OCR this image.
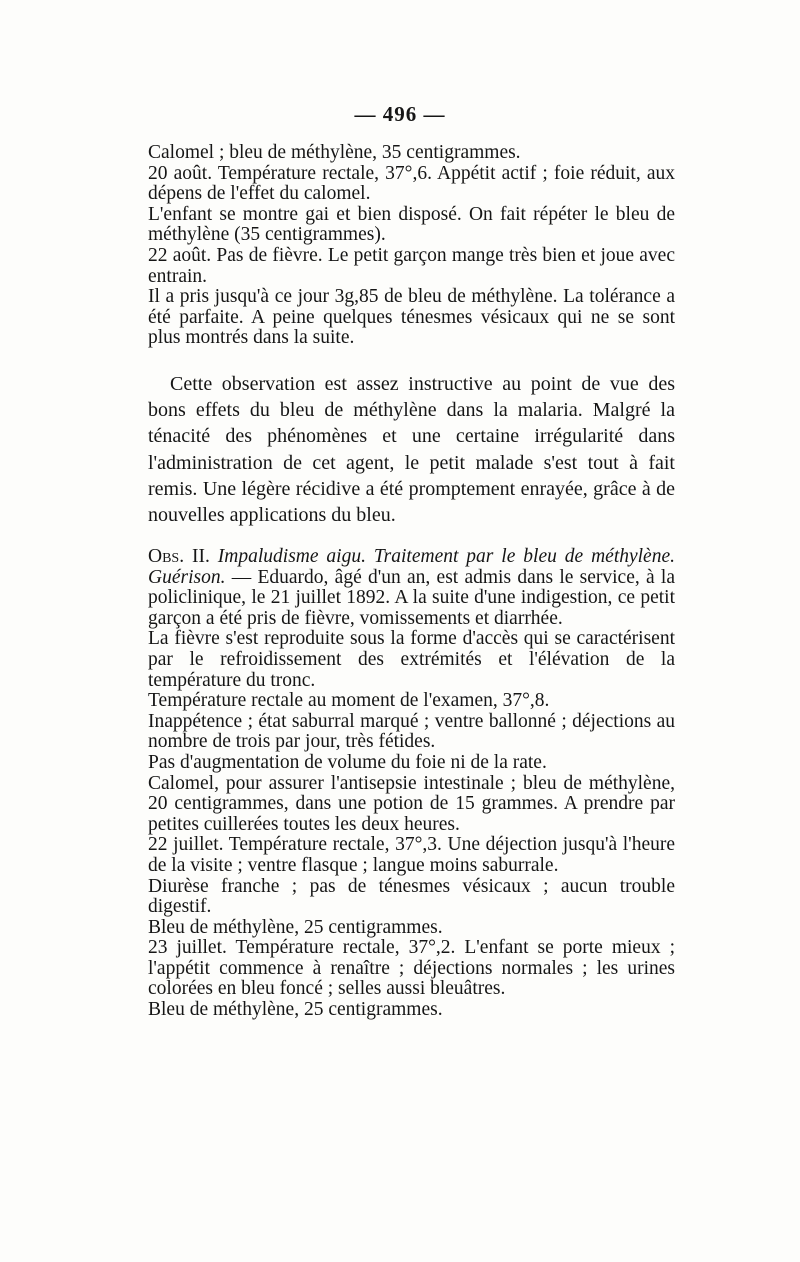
— 496 —

Calomel ; bleu de méthylène, 35 centigrammes.

20 août. Température rectale, 37°,6. Appétit actif ; foie réduit, aux dépens de l'effet du calomel.

L'enfant se montre gai et bien disposé. On fait répéter le bleu de méthylène (35 centigrammes).

22 août. Pas de fièvre. Le petit garçon mange très bien et joue avec entrain.

Il a pris jusqu'à ce jour 3g,85 de bleu de méthylène. La tolérance a été parfaite. A peine quelques ténesmes vésicaux qui ne se sont plus montrés dans la suite.

Cette observation est assez instructive au point de vue des bons effets du bleu de méthylène dans la malaria. Malgré la ténacité des phénomènes et une certaine irrégularité dans l'administration de cet agent, le petit malade s'est tout à fait remis. Une légère récidive a été promptement enrayée, grâce à de nouvelles applications du bleu.

Obs. II. Impaludisme aigu. Traitement par le bleu de méthylène. Guérison. — Eduardo, âgé d'un an, est admis dans le service, à la policlinique, le 21 juillet 1892. A la suite d'une indigestion, ce petit garçon a été pris de fièvre, vomissements et diarrhée.

La fièvre s'est reproduite sous la forme d'accès qui se caractérisent par le refroidissement des extrémités et l'élévation de la température du tronc.

Température rectale au moment de l'examen, 37°,8.

Inappétence ; état saburral marqué ; ventre ballonné ; déjections au nombre de trois par jour, très fétides.

Pas d'augmentation de volume du foie ni de la rate.

Calomel, pour assurer l'antisepsie intestinale ; bleu de méthylène, 20 centigrammes, dans une potion de 15 grammes. A prendre par petites cuillerées toutes les deux heures.

22 juillet. Température rectale, 37°,3. Une déjection jusqu'à l'heure de la visite ; ventre flasque ; langue moins saburrale.

Diurèse franche ; pas de ténesmes vésicaux ; aucun trouble digestif.

Bleu de méthylène, 25 centigrammes.

23 juillet. Température rectale, 37°,2. L'enfant se porte mieux ; l'appétit commence à renaître ; déjections normales ; les urines colorées en bleu foncé ; selles aussi bleuâtres.

Bleu de méthylène, 25 centigrammes.
